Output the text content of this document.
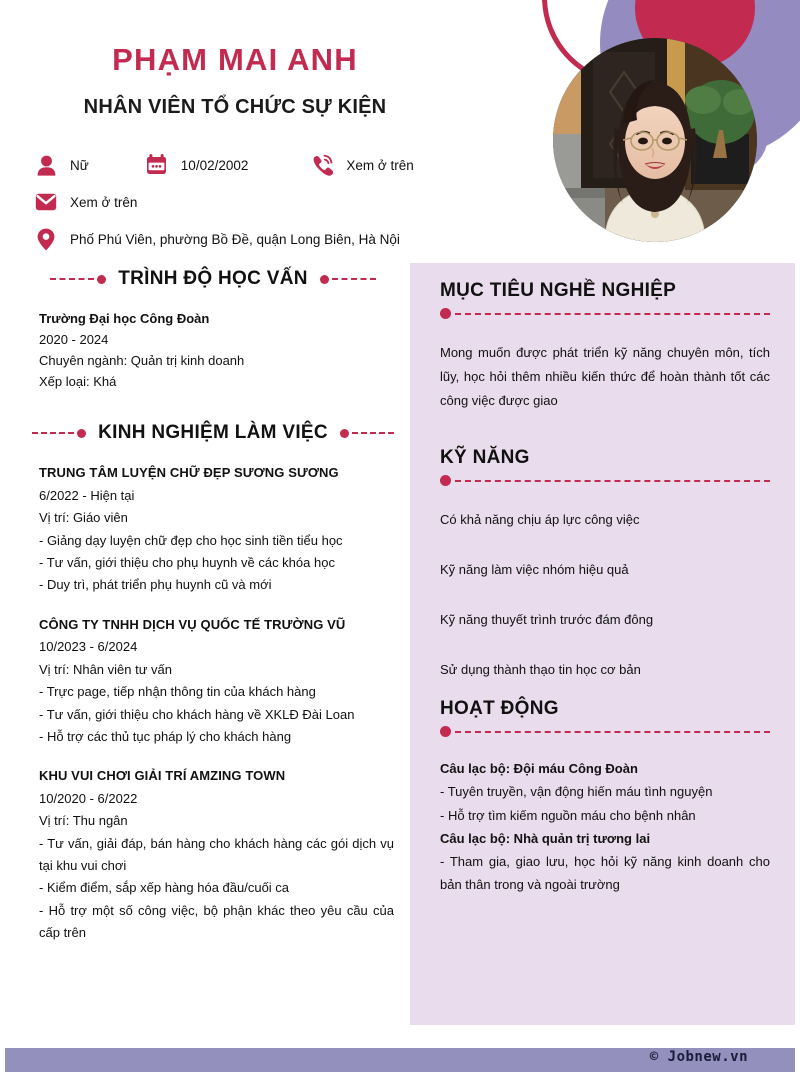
PHẠM MAI ANH
NHÂN VIÊN TỔ CHỨC SỰ KIỆN
Nữ	10/02/2002	Xem ở trên
Xem ở trên
Phố Phú Viên, phường Bồ Đề, quận Long Biên, Hà Nội
TRÌNH ĐỘ HỌC VẤN
Trường Đại học Công Đoàn
2020 - 2024
Chuyên ngành: Quản trị kinh doanh
Xếp loại: Khá
KINH NGHIỆM LÀM VIỆC
TRUNG TÂM LUYỆN CHỮ ĐẸP SƯƠNG SƯƠNG
6/2022 - Hiện tại
Vị trí: Giáo viên
- Giảng dạy luyện chữ đẹp cho học sinh tiền tiểu học
- Tư vấn, giới thiệu cho phụ huynh về các khóa học
- Duy trì, phát triển phụ huynh cũ và mới
CÔNG TY TNHH DỊCH VỤ QUỐC TẾ TRƯỜNG VŨ
10/2023 - 6/2024
Vị trí: Nhân viên tư vấn
- Trực page, tiếp nhận thông tin của khách hàng
- Tư vấn, giới thiệu cho khách hàng về XKLĐ Đài Loan
- Hỗ trợ các thủ tục pháp lý cho khách hàng
KHU VUI CHƠI GIẢI TRÍ AMZING TOWN
10/2020 - 6/2022
Vị trí: Thu ngân
- Tư vấn, giải đáp, bán hàng cho khách hàng các gói dịch vụ tại khu vui chơi
- Kiểm điểm, sắp xếp hàng hóa đầu/cuối ca
- Hỗ trợ một số công việc, bộ phận khác theo yêu cầu của cấp trên
MỤC TIÊU NGHỀ NGHIỆP
Mong muốn được phát triển kỹ năng chuyên môn, tích lũy, học hỏi thêm nhiều kiến thức để hoàn thành tốt các công việc được giao
KỸ NĂNG
Có khả năng chịu áp lực công việc
Kỹ năng làm việc nhóm hiệu quả
Kỹ năng thuyết trình trước đám đông
Sử dụng thành thạo tin học cơ bản
HOẠT ĐỘNG
Câu lạc bộ: Đội máu Công Đoàn
- Tuyên truyền, vận động hiến máu tình nguyện
- Hỗ trợ tìm kiếm nguồn máu cho bệnh nhân
Câu lạc bộ: Nhà quản trị tương lai
- Tham gia, giao lưu, học hỏi kỹ năng kinh doanh cho bản thân trong và ngoài trường
© Jobnew.vn
